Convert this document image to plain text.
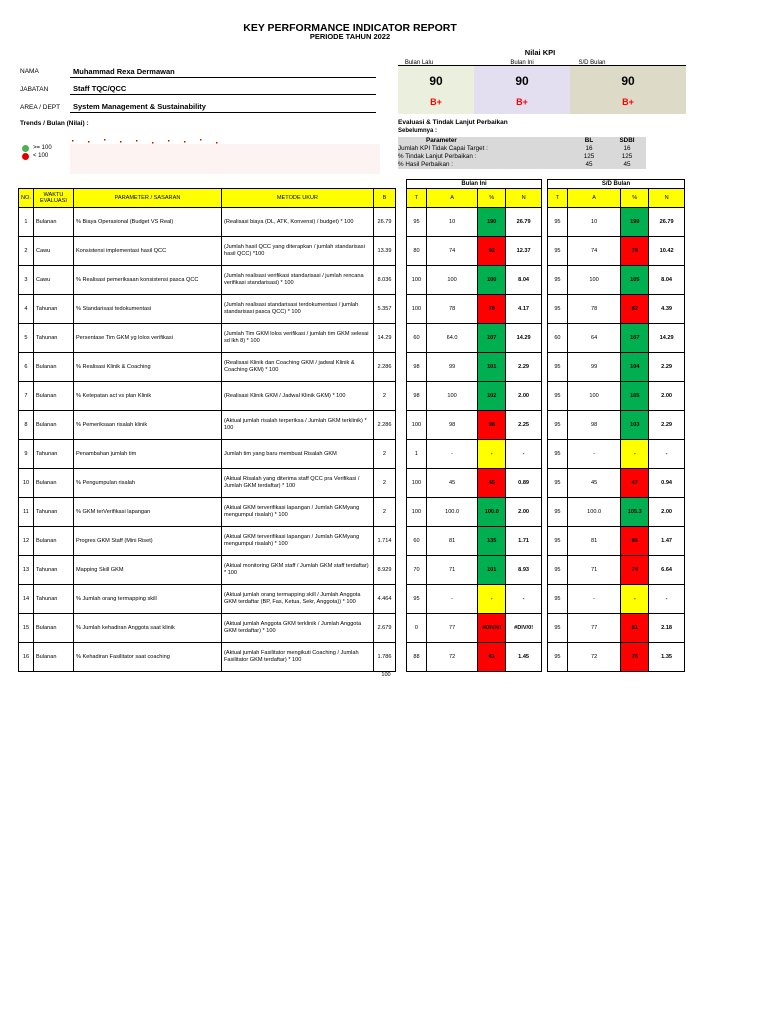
KEY PERFORMANCE INDICATOR REPORT
PERIODE TAHUN 2022
NAMA	Muhammad Rexa Dermawan
JABATAN	Staff TQC/QCC
AREA / DEPT System Management & Sustainability
Nilai KPI
Bulan Lalu	Bulan Ini	S/D Bulan
90
B+
90
B+
90
B+
Trends / Bulan (Nilai) :
>= 100
< 100
Evaluasi & Tindak Lanjut Perbaikan
Sebelumnya :
Parameter	BL	SDBI
Jumlah KPI Tidak Capai Target :	16	16
% Tindak Lanjut Perbaikan :	125	125
% Hasil Perbaikan :	45	45
Bulan Ini	S/D Bulan
NO.	WAKTU EVALUASI	PARAMETER / SASARAN	METODE UKUR	B
1	Bulanan	% Biaya Operasional (Budget VS Real)	(Realisasi biaya (DL, ATK, Konvensi) / budget) * 100	26.79
2	Cawu	Konsistensi implementasi hasil QCC	(Jumlah hasil QCC yang diterapkan / jumlah standarisasi hasil QCC) *100	13.39
3	Cawu	% Realisasi pemeriksaan konsistensi pasca QCC	(Jumlah realisasi verifikasi standarisasi / jumlah rencana verifikasi standarisasi) * 100	8.036
4	Tahunan	% Standarisasi tedokumentasi	(Jumlah realisasi standarisasi terdokumentasi / jumlah standarisasi pasca QCC) * 100	5.357
5	Tahunan	Persentase Tim GKM yg lolos verifikasi	(Jumlah Tim GKM lolos verifikasi / jumlah tim GKM selesai sd lkh 8) * 100	14.29
6	Bulanan	% Realisasi Klinik & Coaching	(Realisasi Klinik dan Coaching GKM / jadwal Klinik & Coaching GKM) * 100	2.286
7	Bulanan	% Ketepatan act vs plan Klinik	(Realisasi Klinik GKM / Jadwal Klinik GKM) * 100	2
8	Bulanan	% Pemeriksaan risalah klinik	(Aktual jumlah risalah terperiksa / Jumlah GKM terklinik) * 100	2.286
9	Tahunan	Penambahan jumlah tim	Jumlah tim yang baru membuat Risalah GKM	2
10	Bulanan	% Pengumpulan risalah	(Aktual Risalah yang diterima staff QCC pra Verifikasi / Jumlah GKM terdaftar) * 100	2
11	Tahunan	% GKM terVerifikasi lapangan	(Aktual GKM terverifikasi lapangan / Jumlah GKMyang mengumpul risalah) * 100	2
12	Bulanan	Progres GKM Staff (Mini Riset)	(Aktual GKM terverifikasi lapangan / Jumlah GKMyang mengumpul risalah) * 100	1.714
13	Tahunan	Mapping Skill GKM	(Aktual monitoring GKM staff / Jumlah GKM staff terdaftar) * 100	8.929
14	Tahunan	% Jumlah orang termapping skill	(Aktual jumlah orang termapping skill / Jumlah Anggota GKM terdaftar (BP, Fas, Ketua, Sekr, Anggota)) * 100	4.464
15	Bulanan	% Jumlah kehadiran Anggota saat klinik	(Aktual jumlah Anggota GKM terklinik / Jumlah Anggota GKM terdaftar) * 100	2.679
16	Bulanan	% Kehadiran Fasilitator saat coaching	(Aktual jumlah Fasilitator mengikuti Coaching / Jumlah Fasilitator GKM terdaftar) * 100	1.786
T	A	%	N
95	10	190	26.79
80	74	92	12.37
100	100	100	8.04
100	78	78	4.17
60	64.0	107	14.29
98	99	101	2.29
98	100	102	2.00
100	98	98	2.25
1	-	-	-
100	45	45	0.89
100	100.0	100.0	2.00
60	81	135	1.71
70	71	101	8.93
95	-	-	-
0	77	#DIV/0!	#DIV/0!
88	72	81	1.45
T	A	%	N
95	10	190	26.79
95	74	78	10.42
95	100	105	8.04
95	78	82	4.39
60	64	107	14.29
95	99	104	2.29
95	100	105	2.00
95	98	103	2.29
95	-	-	-
95	45	47	0.94
95	100.0	105.3	2.00
95	81	86	1.47
95	71	74	6.64
95	-	-	-
95	77	81	2.18
95	72	75	1.35
100
